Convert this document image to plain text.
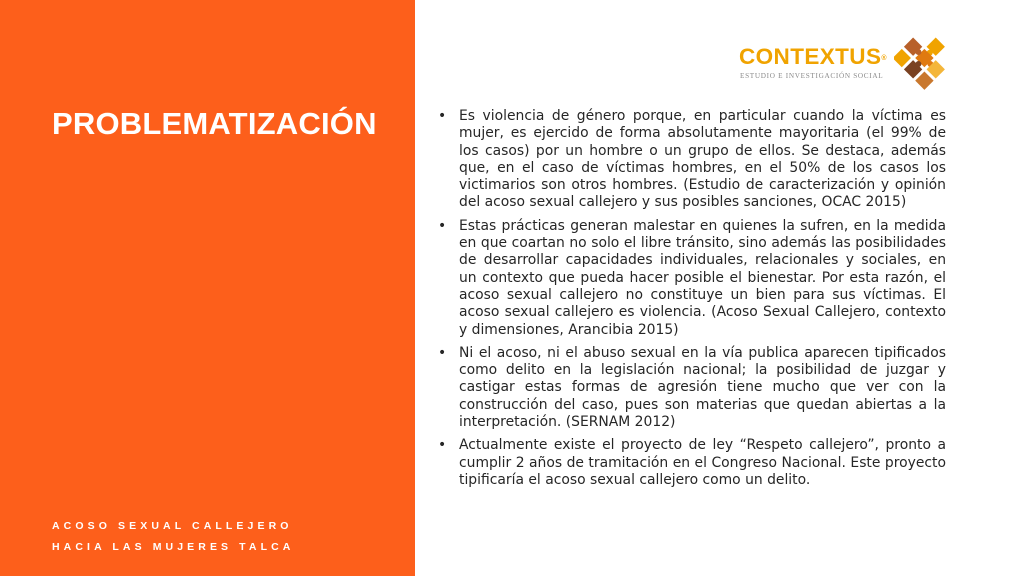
PROBLEMATIZACIÓN
ACOSO SEXUAL CALLEJERO
HACIA LAS MUJERES TALCA
CONTEXTUS®
ESTUDIO E INVESTIGACIÓN SOCIAL
• Es violencia de género porque, en particular cuando la víctima es mujer, es ejercido de forma absolutamente mayoritaria (el 99% de los casos) por un hombre o un grupo de ellos. Se destaca, además que, en el caso de víctimas hombres, en el 50% de los casos los victimarios son otros hombres. (Estudio de caracterización y opinión del acoso sexual callejero y sus posibles sanciones, OCAC 2015)
• Estas prácticas generan malestar en quienes la sufren, en la medida en que coartan no solo el libre tránsito, sino además las posibilidades de desarrollar capacidades individuales, relacionales y sociales, en un contexto que pueda hacer posible el bienestar. Por esta razón, el acoso sexual callejero no constituye un bien para sus víctimas. El acoso sexual callejero es violencia. (Acoso Sexual Callejero, contexto y dimensiones, Arancibia 2015)
• Ni el acoso, ni el abuso sexual en la vía publica aparecen tipificados como delito en la legislación nacional; la posibilidad de juzgar y castigar estas formas de agresión tiene mucho que ver con la construcción del caso, pues son materias que quedan abiertas a la interpretación. (SERNAM 2012)
• Actualmente existe el proyecto de ley “Respeto callejero”, pronto a cumplir 2 años de tramitación en el Congreso Nacional. Este proyecto tipificaría el acoso sexual callejero como un delito.
